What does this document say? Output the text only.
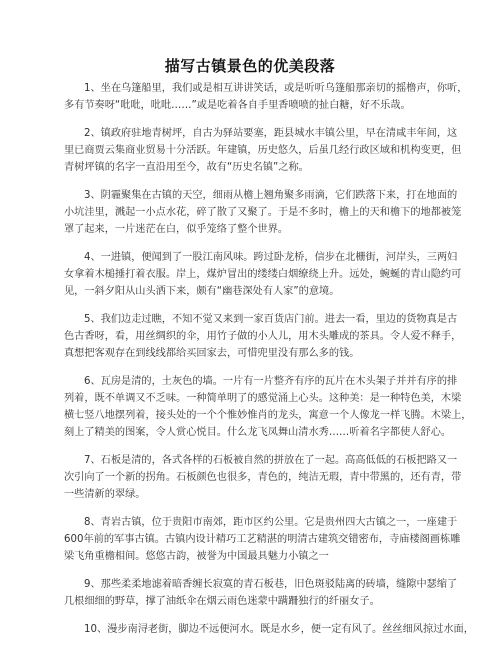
描写古镇景色的优美段落
1、坐在乌篷船里，我们或是相互讲讲笑话，或是听听乌篷船那亲切的摇橹声，你听，
多有节奏呀“吡吡，吡吡……”或是吃着各自手里香喷喷的扯白糖，好不乐哉。
2、镇政府驻地青树坪，自古为驿站要塞，距县城水丰镇公里，早在清咸丰年间，这
里已商贾云集商业贸易十分活跃。年建镇，历史悠久，后虽几经行政区域和机构变更，但
青树坪镇的名字一直沿用至今，故有“历史名镇”之称。
3、阴霾聚集在古镇的天空，细雨从檐上翘角聚多雨滴，它们跌落下来，打在地面的
小坑洼里，溅起一小点水花，碎了散了又聚了。于是不多时，檐上的天和檐下的地都被笼
罩了起来，一片迷茫在白，似乎笼络了整个世界。
4、一进镇，便闻到了一股江南风味。跨过卧龙桥，信步在北栅街，河岸头，三两妇
女拿着木槌捶打着衣服。岸上，煤炉冒出的缕缕白烟缭绕上升。远处，蜿蜒的青山隐约可
见，一斜夕阳从山头洒下来，颇有“幽巷深处有人家”的意境。
5、我们边走过瞧，不知不觉又来到一家百货店门前。进去一看，里边的货物真是古
色古香呀，看，用丝绸织的伞，用竹子做的小人儿，用木头雕成的茶具。令人爱不释手，
真想把客观存在到线线都给买回家去，可惜兜里没有那么多的钱。
6、瓦房是清的，土灰色的墙。一片有一片整齐有序的瓦片在木头架子并并有序的排
列着，既不单调又不乏味。一种简单明了的感觉涌上心头。这种美：是一种特色美，木梁
横七竖八地摆列着，接头处的一个个惟妙惟肖的龙头，寓意一个人像龙一样飞腾。木梁上，
刻上了精美的图案，令人赏心悦目。什么龙飞凤舞山清水秀……听着名字都使人舒心。
7、石板是清的，各式各样的石板被自然的拼放在了一起。高高低低的石板把路又一
次引向了一个新的拐角。石板颜色也很多，青色的，纯洁无瑕，青中带黑的，还有青，带
一些清新的翠绿。
8、青岩古镇，位于贵阳市南郊，距市区约公里。它是贵州四大古镇之一，一座建于
600年前的军事古镇。古镇内设计精巧工艺精湛的明清古建筑交错密布，寺庙楼阁画栋雕
梁飞角重檐相间。悠悠古韵，被誉为中国最具魅力小镇之一
9、那些柔柔地滤着暗香缠长寂寞的青石板巷，旧色斑驳陆离的砖墙，缝隙中瑟缩了
几根细细的野草，撑了油纸伞在烟云雨色迷蒙中蹒跚独行的纤丽女子。
10、漫步南浔老街，脚边不远便河水。既是水乡，便一定有风了。丝丝细风掠过水面，
